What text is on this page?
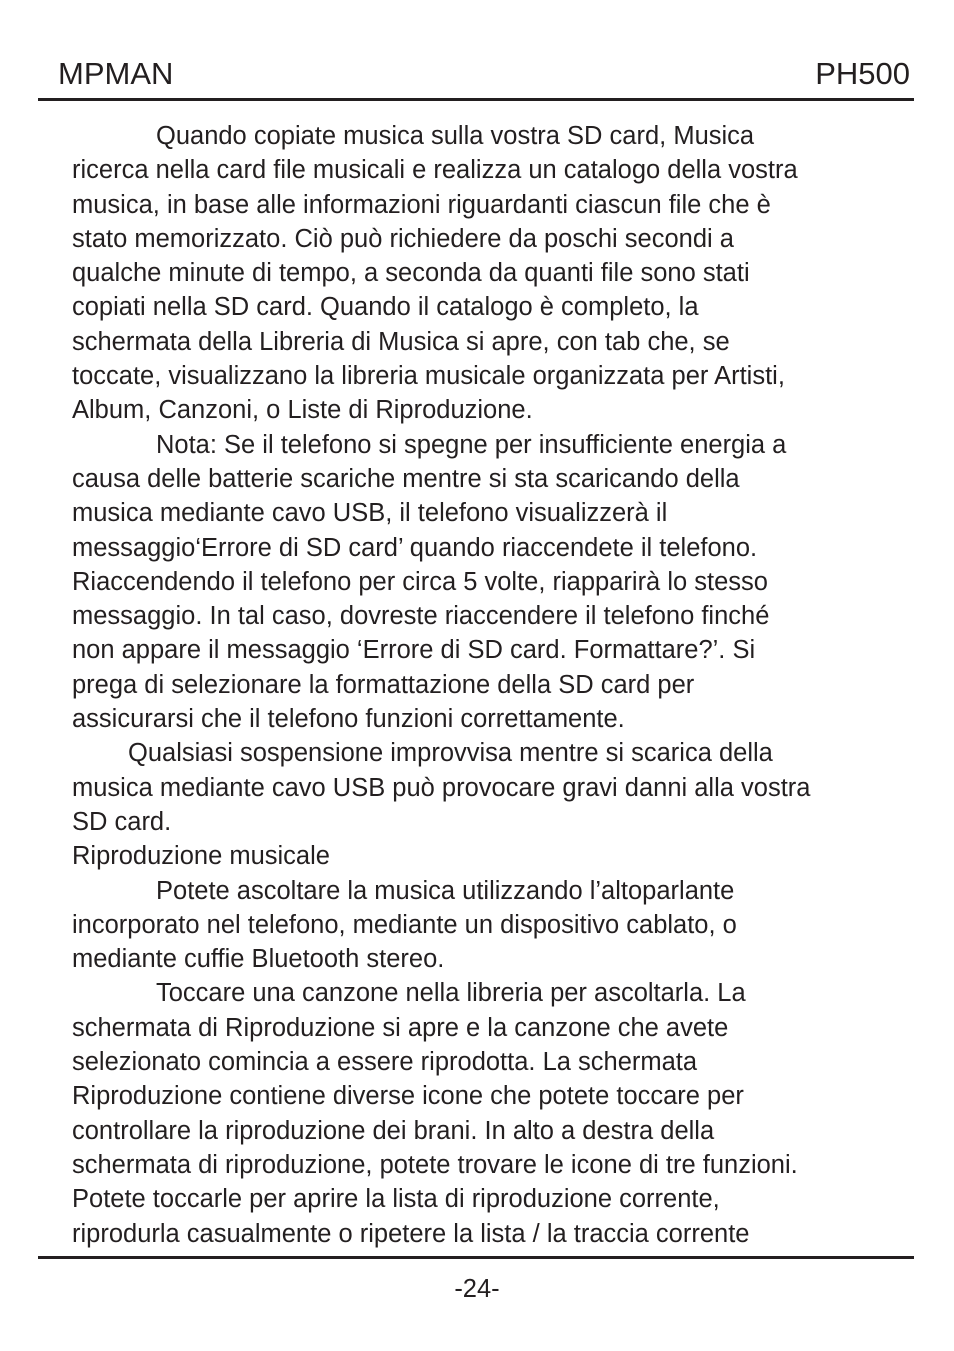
MPMAN	PH500
Quando copiate musica sulla vostra SD card, Musica
ricerca nella card file musicali e realizza un catalogo della vostra
musica, in base alle informazioni riguardanti ciascun file che è
stato memorizzato. Ciò può richiedere da poschi secondi a
qualche minute di tempo, a seconda da quanti file sono stati
copiati nella SD card. Quando il catalogo è completo, la
schermata della Libreria di Musica si apre, con tab che, se
toccate, visualizzano la libreria musicale organizzata per Artisti,
Album, Canzoni, o Liste di Riproduzione.
Nota: Se il telefono si spegne per insufficiente energia a
causa delle batterie scariche mentre si sta scaricando della
musica mediante cavo USB, il telefono visualizzerà il
messaggio‘Errore di SD card’ quando riaccendete il telefono.
Riaccendendo il telefono per circa 5 volte, riapparirà lo stesso
messaggio. In tal caso, dovreste riaccendere il telefono finché
non appare il messaggio ‘Errore di SD card. Formattare?’. Si
prega di selezionare la formattazione della SD card per
assicurarsi che il telefono funzioni correttamente.
Qualsiasi sospensione improvvisa mentre si scarica della
musica mediante cavo USB può provocare gravi danni alla vostra
SD card.
Riproduzione musicale
Potete ascoltare la musica utilizzando l’altoparlante
incorporato nel telefono, mediante un dispositivo cablato, o
mediante cuffie Bluetooth stereo.
Toccare una canzone nella libreria per ascoltarla. La
schermata di Riproduzione si apre e la canzone che avete
selezionato comincia a essere riprodotta. La schermata
Riproduzione contiene diverse icone che potete toccare per
controllare la riproduzione dei brani. In alto a destra della
schermata di riproduzione, potete trovare le icone di tre funzioni.
Potete toccarle per aprire la lista di riproduzione corrente,
riprodurla casualmente o ripetere la lista / la traccia corrente
-24-
